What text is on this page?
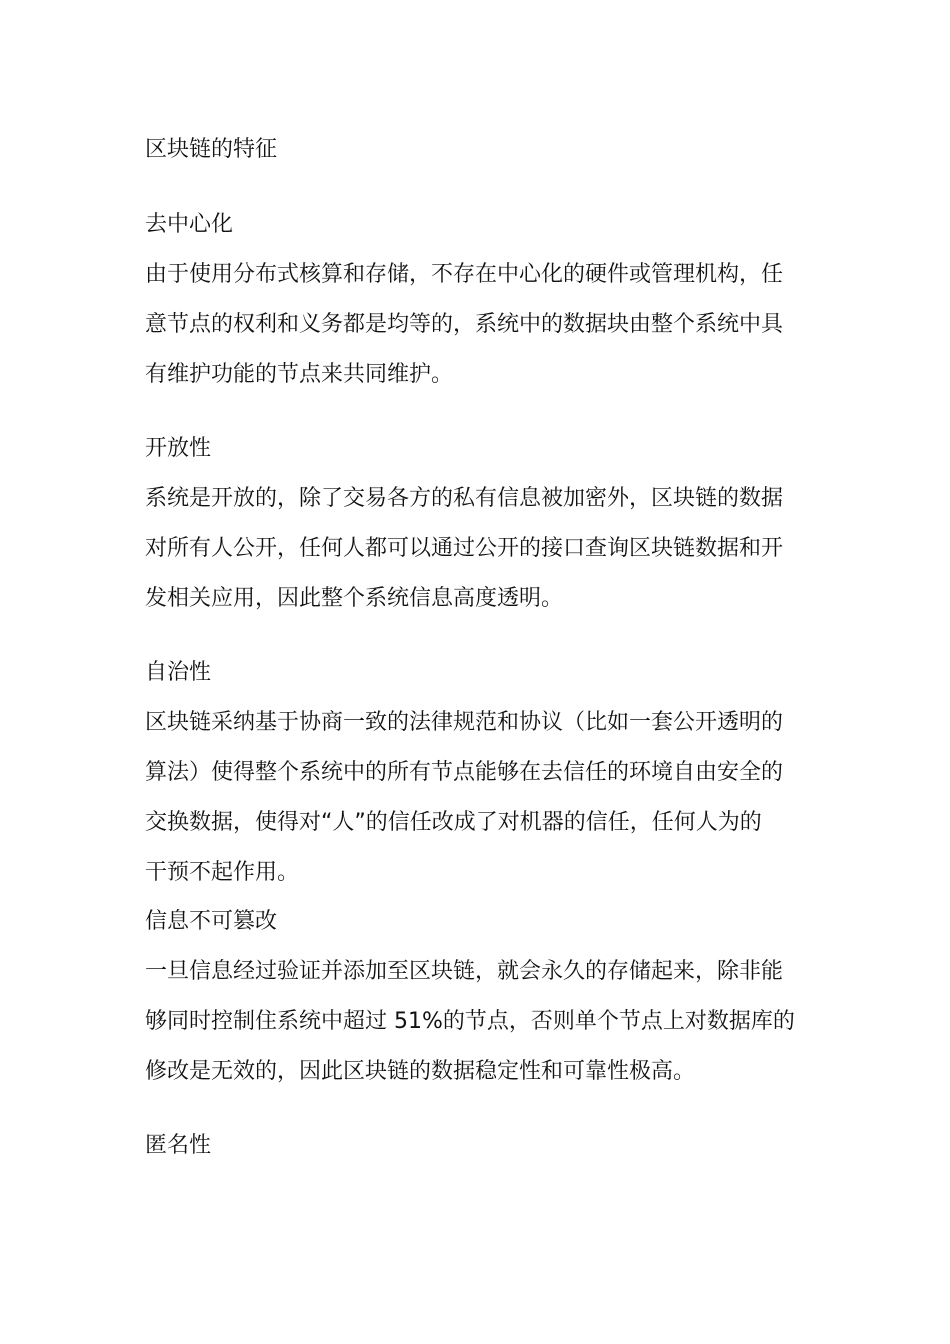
区块链的特征
去中心化

由于使用分布式核算和存储，不存在中心化的硬件或管理机构，任

意节点的权利和义务都是均等的，系统中的数据块由整个系统中具

有维护功能的节点来共同维护。

开放性

系统是开放的，除了交易各方的私有信息被加密外，区块链的数据

对所有人公开，任何人都可以通过公开的接口查询区块链数据和开

发相关应用，因此整个系统信息高度透明。

自治性

区块链采纳基于协商一致的法律规范和协议（比如一套公开透明的

算法）使得整个系统中的所有节点能够在去信任的环境自由安全的

交换数据，使得对“人”的信任改成了对机器的信任，任何人为的

干预不起作用。

信息不可篡改

一旦信息经过验证并添加至区块链，就会永久的存储起来，除非能

够同时控制住系统中超过 51%的节点，否则单个节点上对数据库的

修改是无效的，因此区块链的数据稳定性和可靠性极高。

匿名性
